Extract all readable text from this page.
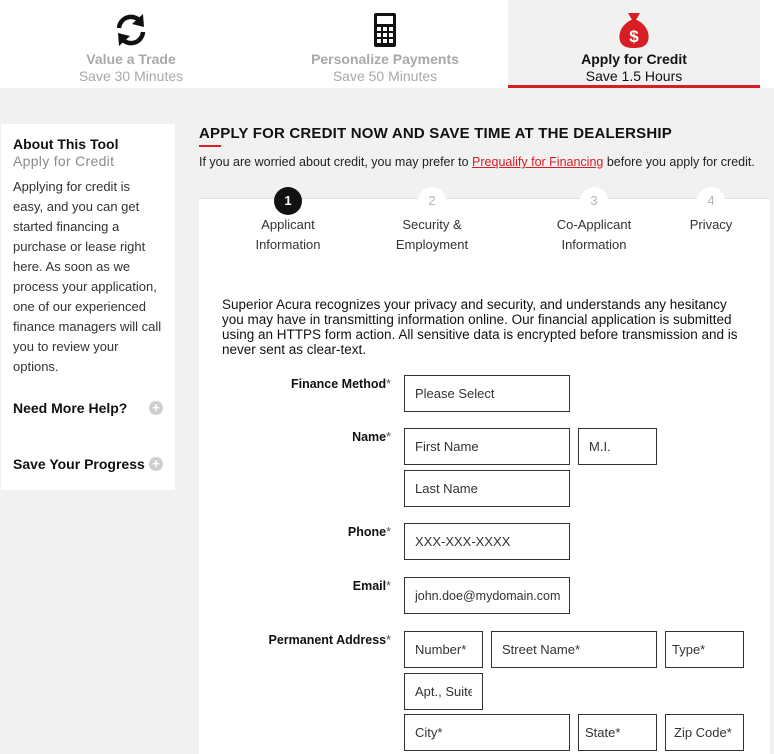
Value a Trade
Save 30 Minutes
Personalize Payments
Save 50 Minutes
$
Apply for Credit
Save 1.5 Hours
About This Tool
Apply for Credit
Applying for credit is easy, and you can get started financing a purchase or lease right here. As soon as we process your application, one of our experienced finance managers will call you to review your options.
Need More Help? +
Save Your Progress +
APPLY FOR CREDIT NOW AND SAVE TIME AT THE DEALERSHIP
If you are worried about credit, you may prefer to Prequalify for Financing before you apply for credit.
1
Applicant
Information
2
Security &
Employment
3
Co-Applicant
Information
4
Privacy
Superior Acura recognizes your privacy and security, and understands any hesitancy you may have in transmitting information online. Our financial application is submitted using an HTTPS form action. All sensitive data is encrypted before transmission and is never sent as clear-text.
Finance Method*
Please Select
Name*
First Name
M.I.
Last Name
Phone*
XXX-XXX-XXXX
Email*
john.doe@mydomain.com
Permanent Address*
Number*
Street Name*
Type*
Apt., Suite
City*
State*
Zip Code*
